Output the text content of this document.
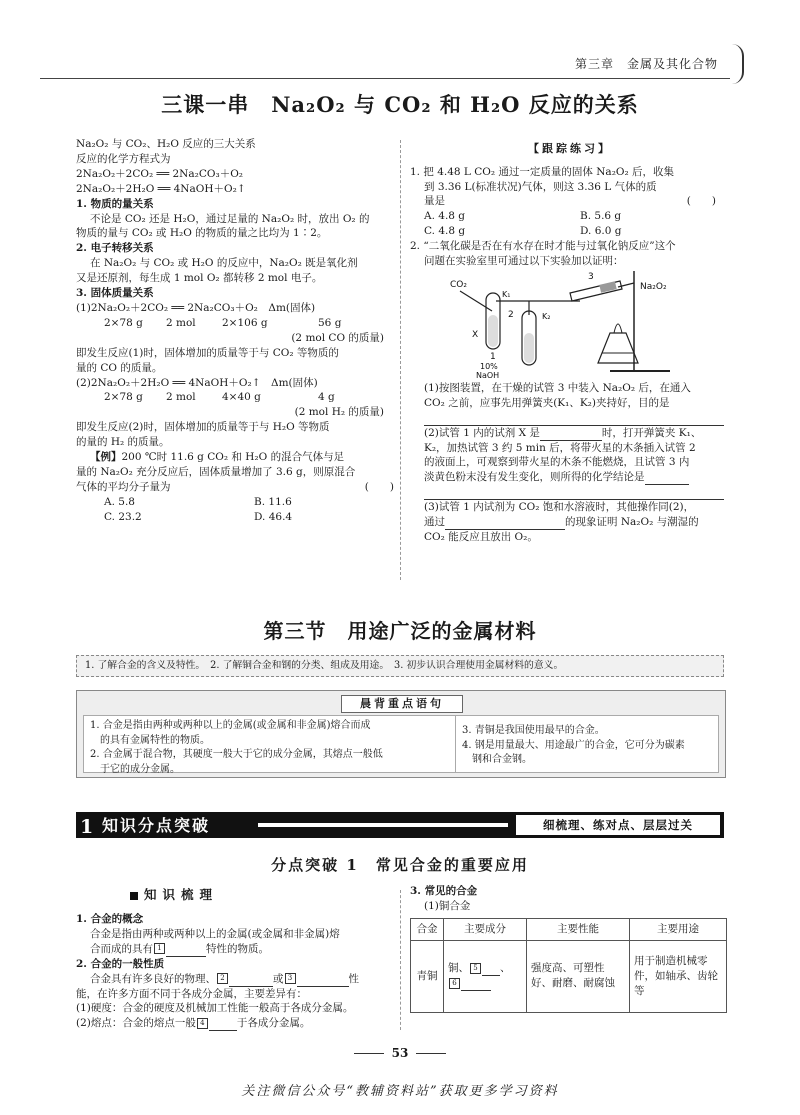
第三章　金属及其化合物
三课一串　Na₂O₂ 与 CO₂ 和 H₂O 反应的关系

Na₂O₂ 与 CO₂、H₂O 反应的三大关系

反应的化学方程式为

2Na₂O₂＋2CO₂ ══ 2Na₂CO₃＋O₂

2Na₂O₂＋2H₂O ══ 4NaOH＋O₂↑

1. 物质的量关系

不论是 CO₂ 还是 H₂O，通过足量的 Na₂O₂ 时，放出 O₂ 的

物质的量与 CO₂ 或 H₂O 的物质的量之比均为 1∶2。

2. 电子转移关系

在 Na₂O₂ 与 CO₂ 或 H₂O 的反应中，Na₂O₂ 既是氧化剂

又是还原剂，每生成 1 mol O₂ 都转移 2 mol 电子。

3. 固体质量关系

(1)2Na₂O₂＋2CO₂ ══ 2Na₂CO₃＋O₂　Δm(固体)

2×78 g	2 mol	2×106 g	56 g

(2 mol CO 的质量)

即发生反应(1)时，固体增加的质量等于与 CO₂ 等物质的

量的 CO 的质量。

(2)2Na₂O₂＋2H₂O ══ 4NaOH＋O₂↑　Δm(固体)

2×78 g	2 mol	4×40 g	4 g

(2 mol H₂ 的质量)

即发生反应(2)时，固体增加的质量等于与 H₂O 等物质

的量的 H₂ 的质量。

【例】200 ℃时 11.6 g CO₂ 和 H₂O 的混合气体与足

量的 Na₂O₂ 充分反应后，固体质量增加了 3.6 g，则原混合

气体的平均分子量为	(　　)

A. 5.8	B. 11.6

C. 23.2	D. 46.4

【跟踪练习】

1. 把 4.48 L CO₂ 通过一定质量的固体 Na₂O₂ 后，收集

到 3.36 L(标准状况)气体，则这 3.36 L 气体的质

量是	(　　)

A. 4.8 g	B. 5.6 g

C. 4.8 g	D. 6.0 g

2. “二氧化碳是否在有水存在时才能与过氧化钠反应”这个

问题在实验室里可通过以下实验加以证明：

CO₂
K₁
K₂
3
Na₂O₂
X
1
2
10%
NaOH

(1)按图装置，在干燥的试管 3 中装入 Na₂O₂ 后，在通入

CO₂ 之前，应事先用弹簧夹(K₁、K₂)夹持好，目的是

(2)试管 1 内的试剂 X 是	时，打开弹簧夹 K₁、

K₂，加热试管 3 约 5 min 后，将带火星的木条插入试管 2

的液面上，可观察到带火星的木条不能燃烧，且试管 3 内

淡黄色粉末没有发生变化，则所得的化学结论是

(3)试管 1 内试剂为 CO₂ 饱和水溶液时，其他操作同(2)，

通过	的现象证明 Na₂O₂ 与潮湿的

CO₂ 能反应且放出 O₂。

第三节　用途广泛的金属材料
1. 了解合金的含义及特性。　2. 了解铜合金和钢的分类、组成及用途。　3. 初步认识合理使用金属材料的意义。
晨背重点语句

1. 合金是指由两种或两种以上的金属(或金属和非金属)熔合而成

的具有金属特性的物质。

2. 合金属于混合物，其硬度一般大于它的成分金属，其熔点一般低

于它的成分金属。

3. 青铜是我国使用最早的合金。

4. 钢是用量最大、用途最广的合金，它可分为碳素

钢和合金钢。

1 知识分点突破	细梳理、练对点、层层过关
分点突破 1　常见合金的重要应用
知识梳理

1. 合金的概念

合金是指由两种或两种以上的金属(或金属和非金属)熔

合而成的具有 1	特性的物质。

2. 合金的一般性质

合金具有许多良好的物理、 2	或 3	性

能，在许多方面不同于各成分金属，主要差异有：

(1)硬度：合金的硬度及机械加工性能一般高于各成分金属。

(2)熔点：合金的熔点一般 4	于各成分金属。

3. 常见的合金

(1)铜合金

合金	主要成分	主要性能	主要用途
青铜	铜、 5 、
6	强度高、可塑性好、耐磨、耐腐蚀	用于制造机械零件，如轴承、齿轮等
53
关注微信公众号“教辅资料站”获取更多学习资料
